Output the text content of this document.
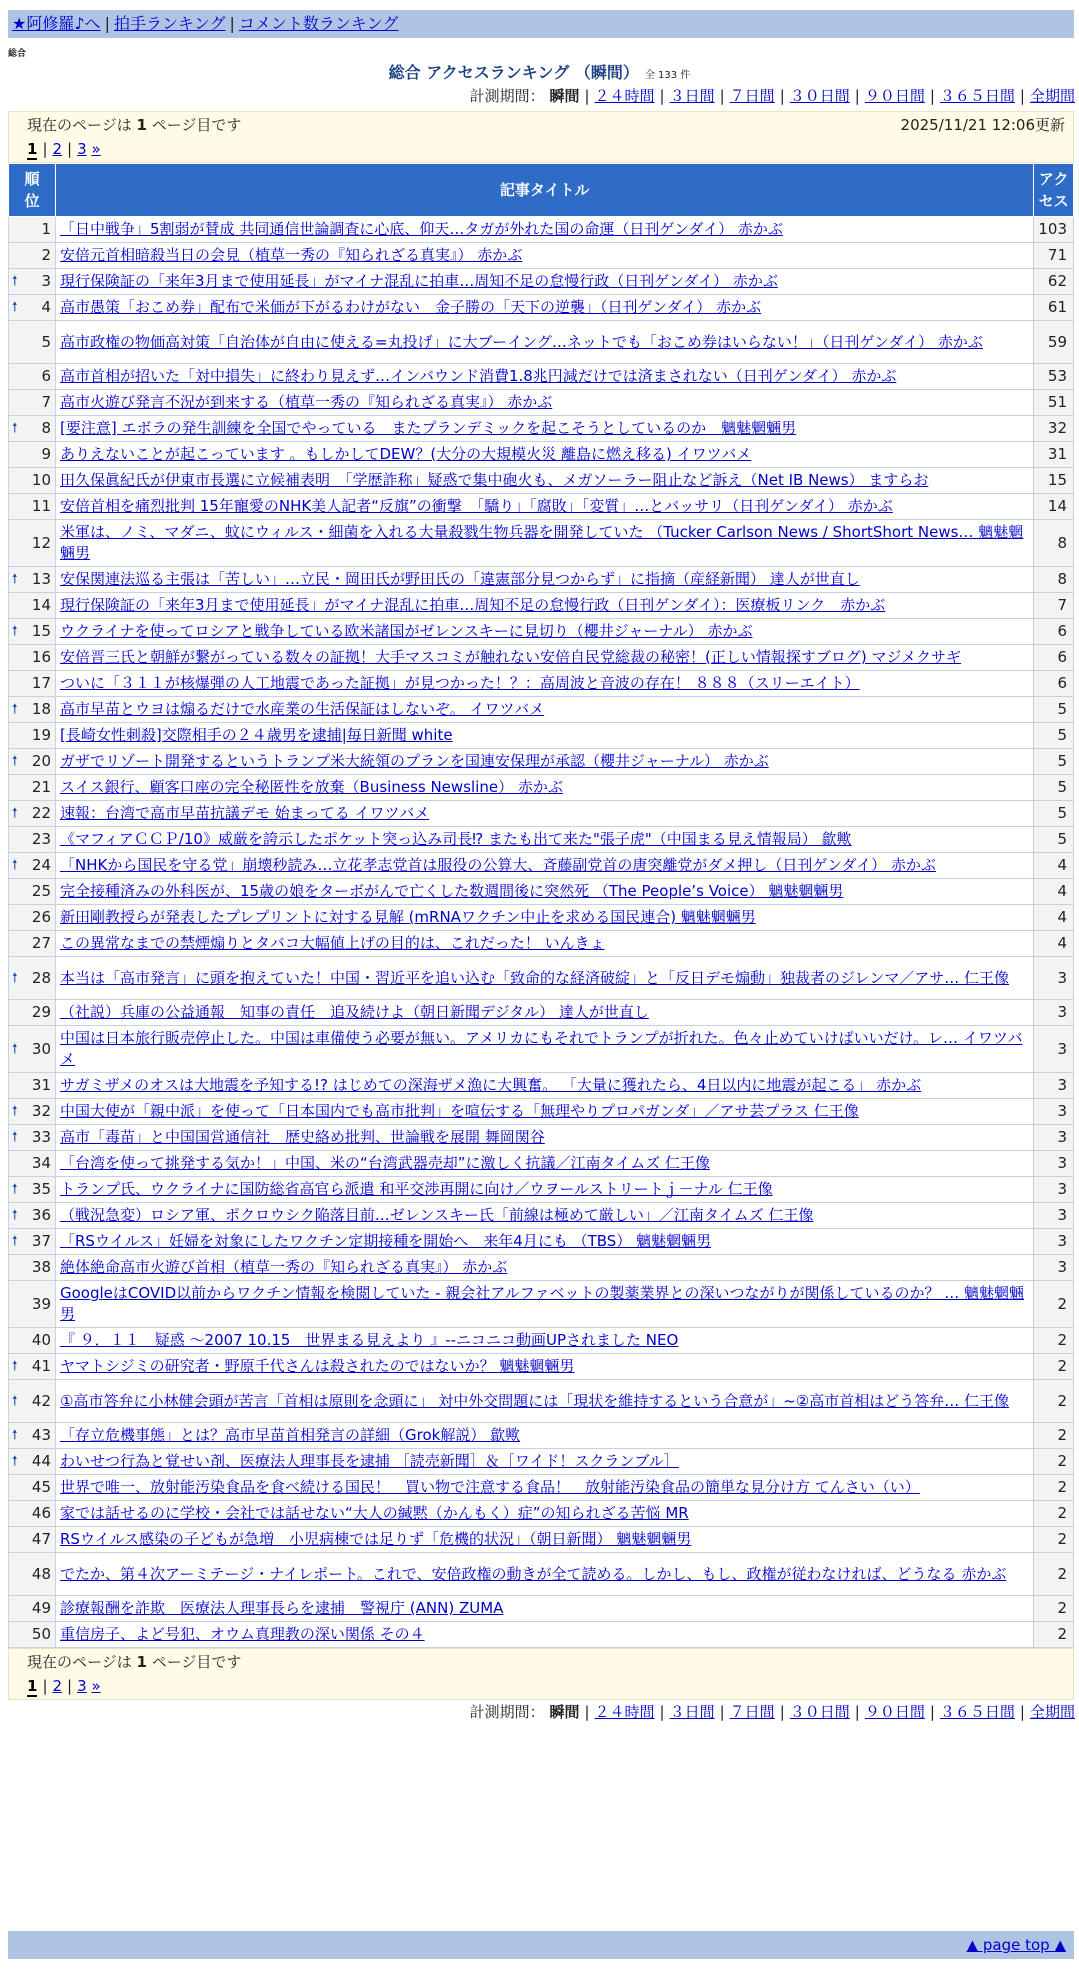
★阿修羅♪へ | 拍手ランキング | コメント数ランキング
総合
総合 アクセスランキング （瞬間） 全 133 件
計測期間： 瞬間 | ２４時間 | ３日間 | ７日間 | ３０日間 | ９０日間 | ３６５日間 | 全期間
現在のページは 1 ページ目です	2025/11/21 12:06更新
1 | 2 | 3 »
順位	記事タイトル	アクセス
1	「日中戦争」5割弱が賛成 共同通信世論調査に心底、仰天…タガが外れた国の命運（日刊ゲンダイ） 赤かぶ	103
2	安倍元首相暗殺当日の会見（植草一秀の『知られざる真実』） 赤かぶ	71

🠕 3	現行保険証の「来年3月まで使用延長」がマイナ混乱に拍車…周知不足の怠慢行政（日刊ゲンダイ） 赤かぶ	62

🠕 4	高市愚策「おこめ券」配布で米価が下がるわけがない　金子勝の「天下の逆襲」（日刊ゲンダイ） 赤かぶ	61
5	高市政権の物価高対策「自治体が自由に使える=丸投げ」に大ブーイング…ネットでも「おこめ券はいらない！」（日刊ゲンダイ） 赤かぶ	59
6	高市首相が招いた「対中損失」に終わり見えず…インバウンド消費1.8兆円減だけでは済まされない（日刊ゲンダイ） 赤かぶ	53
7	高市火遊び発言不況が到来する（植草一秀の『知られざる真実』） 赤かぶ	51

🠕 8	[要注意] エボラの発生訓練を全国でやっている　またプランデミックを起こそうとしているのか　魑魅魍魎男	32
9	ありえないことが起こっています 。もしかしてDEW？(大分の大規模火災 離島に燃え移る) イワツバメ	31
10	田久保眞紀氏が伊東市長選に立候補表明　「学歴詐称」疑惑で集中砲火も、メガソーラー阻止など訴え（Net IB News） ますらお	15
11	安倍首相を痛烈批判 15年寵愛のNHK美人記者“反旗”の衝撃　「驕り」「腐敗」「変質」…とバッサリ（日刊ゲンダイ） 赤かぶ	14
12	米軍は、ノミ、マダニ、蚊にウィルス・細菌を入れる大量殺戮生物兵器を開発していた （Tucker Carlson News / ShortShort News… 魑魅魍魎男	8

🠕 13	安保関連法巡る主張は「苦しい」…立民・岡田氏が野田氏の「違憲部分見つからず」に指摘（産経新聞） 達人が世直し	8
14	現行保険証の「来年3月まで使用延長」がマイナ混乱に拍車…周知不足の怠慢行政（日刊ゲンダイ）：医療板リンク　赤かぶ	7

🠕 15	ウクライナを使ってロシアと戦争している欧米諸国がゼレンスキーに見切り（櫻井ジャーナル） 赤かぶ	6
16	安倍晋三氏と朝鮮が繋がっている数々の証拠！大手マスコミが触れない安倍自民党総裁の秘密！(正しい情報探すブログ) マジメクサギ	6
17	ついに「３１１が核爆弾の人工地震であった証拠」が見つかった！？：高周波と音波の存在！ ８８８（スリーエイト）	6

🠕 18	高市早苗とウヨは煽るだけで水産業の生活保証はしないぞ。 イワツバメ	5
19	[長崎女性刺殺]交際相手の２４歳男を逮捕|毎日新聞 white	5

🠕 20	ガザでリゾート開発するというトランプ米大統領のプランを国連安保理が承認（櫻井ジャーナル） 赤かぶ	5
21	スイス銀行、顧客口座の完全秘匿性を放棄（Business Newsline） 赤かぶ	5

🠕 22	速報：台湾で高市早苗抗議デモ 始まってる イワツバメ	5
23	《マフィアＣＣＰ/10》威厳を誇示したポケット突っ込み司長⁉ またも出て来た"張子虎"（中国まる見え情報局） 歙歟	5

🠕 24	「NHKから国民を守る党」崩壊秒読み…立花孝志党首は服役の公算大、斉藤副党首の唐突離党がダメ押し（日刊ゲンダイ） 赤かぶ	4
25	完全接種済みの外科医が、15歳の娘をターボがんで亡くした数週間後に突然死 （The People’s Voice） 魑魅魍魎男	4
26	新田剛教授らが発表したプレプリントに対する見解 (mRNAワクチン中止を求める国民連合) 魑魅魍魎男	4
27	この異常なまでの禁煙煽りとタバコ大幅値上げの目的は、これだった！ いんきょ	4

🠕 28	本当は「高市発言」に頭を抱えていた！中国・習近平を追い込む「致命的な経済破綻」と「反日デモ煽動」独裁者のジレンマ／アサ… 仁王像	3
29	（社説）兵庫の公益通報　知事の責任　追及続けよ（朝日新聞デジタル） 達人が世直し	3

🠕 30	中国は日本旅行販売停止した。中国は車備使う必要が無い。アメリカにもそれでトランプが折れた。色々止めていけばいいだけ。レ… イワツバメ	3
31	サガミザメのオスは大地震を予知する!? はじめての深海ザメ漁に大興奮。 「大量に獲れたら、4日以内に地震が起こる」 赤かぶ	3

🠕 32	中国大使が「親中派」を使って「日本国内でも高市批判」を喧伝する「無理やりプロパガンダ」／アサ芸プラス 仁王像	3

🠕 33	高市「毒苗」と中国国営通信社　歴史絡め批判、世論戦を展開 舞岡関谷	3
34	「台湾を使って挑発する気か！」中国、米の“台湾武器売却”に激しく抗議／江南タイムズ 仁王像	3

🠕 35	トランプ氏、ウクライナに国防総省高官ら派遣 和平交渉再開に向け／ウヲールストリートｊ－ナル 仁王像	3

🠕 36	（戦況急変）ロシア軍、ポクロウシク陥落目前…ゼレンスキー氏「前線は極めて厳しい」／江南タイムズ 仁王像	3

🠕 37	「RSウイルス」妊婦を対象にしたワクチン定期接種を開始へ　来年4月にも （TBS） 魑魅魍魎男	3
38	絶体絶命高市火遊び首相（植草一秀の『知られざる真実』） 赤かぶ	3
39	GoogleはCOVID以前からワクチン情報を検閲していた - 親会社アルファベットの製薬業界との深いつながりが関係しているのか？ … 魑魅魍魎男	2
40	『 ９．１１　疑惑 ～2007 10.15　世界まる見えより 』--ニコニコ動画UPされました NEO	2

🠕 41	ヤマトシジミの研究者・野原千代さんは殺されたのではないか？ 魑魅魍魎男	2

🠕 42	①高市答弁に小林健会頭が苦言「首相は原則を念頭に」 対中外交問題には「現状を維持するという合意が」~②高市首相はどう答弁… 仁王像	2

🠕 43	「存立危機事態」とは？高市早苗首相発言の詳細（Grok解説） 歙歟	2

🠕 44	わいせつ行為と覚せい剤、医療法人理事長を逮捕 ［読売新聞］＆［ワイド！スクランブル］	2
45	世界で唯一、放射能汚染食品を食べ続ける国民！　買い物で注意する食品！　放射能汚染食品の簡単な見分け方 てんさい（い）	2
46	家では話せるのに学校・会社では話せない“大人の緘黙（かんもく）症”の知られざる苦悩 MR	2
47	RSウイルス感染の子どもが急増　小児病棟では足りず「危機的状況」（朝日新聞） 魑魅魍魎男	2
48	でたか、第４次アーミテージ・ナイレポート。これで、安倍政権の動きが全て読める。しかし、もし、政権が従わなければ、どうなる 赤かぶ	2
49	診療報酬を詐欺　医療法人理事長らを逮捕　警視庁 (ANN) ZUMA	2
50	重信房子、よど号犯、オウム真理教の深い関係 その４	2
現在のページは 1 ページ目です
1 | 2 | 3 »
計測期間： 瞬間 | ２４時間 | ３日間 | ７日間 | ３０日間 | ９０日間 | ３６５日間 | 全期間
▲ page top ▲
